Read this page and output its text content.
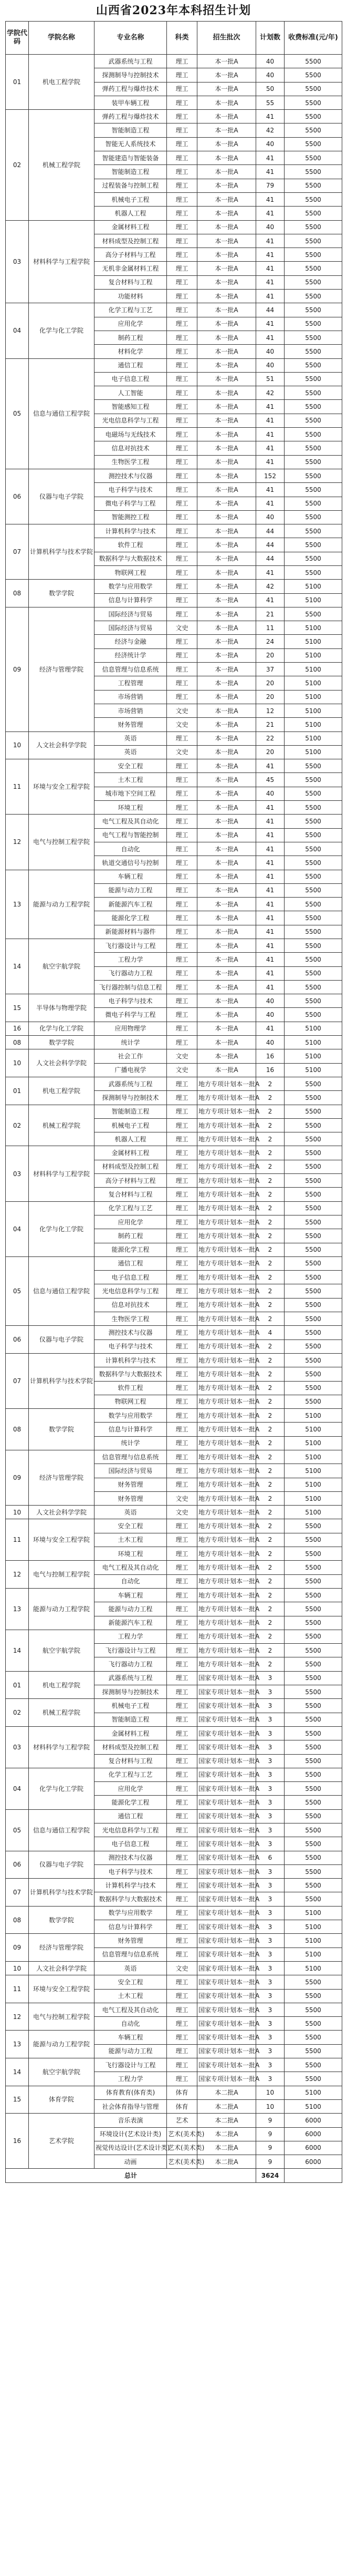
山西省2023年本科招生计划
学院代码	学院名称	专业名称	科类	招生批次	计划数	收费标准(元/年)
01	机电工程学院	武器系统与工程	理工	本一批A	40	5500
		探测制导与控制技术	理工	本一批A	40	5500
		弹药工程与爆炸技术	理工	本一批A	50	5500
		装甲车辆工程	理工	本一批A	55	5500
02	机械工程学院	弹药工程与爆炸技术	理工	本一批A	41	5500
		智能制造工程	理工	本一批A	42	5500
		智能无人系统技术	理工	本一批A	40	5500
		智能建造与智能装备	理工	本一批A	41	5500
		智能制造工程	理工	本一批A	41	5500
		过程装备与控制工程	理工	本一批A	79	5500
		机械电子工程	理工	本一批A	41	5500
		机器人工程	理工	本一批A	41	5500
03	材料科学与工程学院	金属材料工程	理工	本一批A	40	5500
		材料成型及控制工程	理工	本一批A	41	5500
		高分子材料与工程	理工	本一批A	41	5500
		无机非金属材料工程	理工	本一批A	41	5500
		复合材料与工程	理工	本一批A	41	5500
		功能材料	理工	本一批A	41	5500
04	化学与化工学院	化学工程与工艺	理工	本一批A	44	5500
		应用化学	理工	本一批A	41	5500
		制药工程	理工	本一批A	41	5500
		材料化学	理工	本一批A	40	5500
05	信息与通信工程学院	通信工程	理工	本一批A	40	5500
		电子信息工程	理工	本一批A	51	5500
		人工智能	理工	本一批A	42	5500
		智能感知工程	理工	本一批A	41	5500
		光电信息科学与工程	理工	本一批A	41	5500
		电磁场与无线技术	理工	本一批A	41	5500
		信息对抗技术	理工	本一批A	41	5500
		生物医学工程	理工	本一批A	41	5500
06	仪器与电子学院	测控技术与仪器	理工	本一批A	152	5500
		电子科学与技术	理工	本一批A	41	5500
		微电子科学与工程	理工	本一批A	41	5500
		智能测控工程	理工	本一批A	40	5500
07	计算机科学与技术学院	计算机科学与技术	理工	本一批A	44	5500
		软件工程	理工	本一批A	44	5500
		数据科学与大数据技术	理工	本一批A	44	5500
		物联网工程	理工	本一批A	41	5500
08	数学学院	数学与应用数学	理工	本一批A	42	5100
		信息与计算科学	理工	本一批A	41	5100
09	经济与管理学院	国际经济与贸易	理工	本一批A	21	5500
		国际经济与贸易	文史	本一批A	11	5100
		经济与金融	理工	本一批A	24	5100
		经济统计学	理工	本一批A	20	5100
		信息管理与信息系统	理工	本一批A	37	5100
		工程管理	理工	本一批A	20	5100
		市场营销	理工	本一批A	20	5100
		市场营销	文史	本一批A	12	5100
		财务管理	文史	本一批A	21	5100
10	人文社会科学学院	英语	理工	本一批A	22	5100
		英语	文史	本一批A	20	5100
11	环境与安全工程学院	安全工程	理工	本一批A	41	5500
		土木工程	理工	本一批A	45	5500
		城市地下空间工程	理工	本一批A	40	5500
		环境工程	理工	本一批A	41	5500
12	电气与控制工程学院	电气工程及其自动化	理工	本一批A	41	5500
		电气工程与智能控制	理工	本一批A	41	5500
		自动化	理工	本一批A	41	5500
		轨道交通信号与控制	理工	本一批A	41	5500
13	能源与动力工程学院	车辆工程	理工	本一批A	41	5500
		能源与动力工程	理工	本一批A	41	5500
		新能源汽车工程	理工	本一批A	41	5500
		能源化学工程	理工	本一批A	41	5500
		新能源材料与器件	理工	本一批A	41	5500
14	航空宇航学院	飞行器设计与工程	理工	本一批A	41	5500
		工程力学	理工	本一批A	41	5500
		飞行器动力工程	理工	本一批A	41	5500
		飞行器控制与信息工程	理工	本一批A	41	5500
15	半导体与物理学院	电子科学与技术	理工	本一批A	40	5500
		微电子科学与工程	理工	本一批A	40	5500
16	化学与化工学院	应用物理学	理工	本一批A	41	5100
08	数学学院	统计学	理工	本一批A	40	5100
10	人文社会科学学院	社会工作	文史	本一批A	16	5100
		广播电视学	文史	本一批A	16	5100
01	机电工程学院	武器系统与工程	理工	地方专项计划本一批A	2	5500
		探测制导与控制技术	理工	地方专项计划本一批A	2	5500
02	机械工程学院	智能制造工程	理工	地方专项计划本一批A	2	5500
		机械电子工程	理工	地方专项计划本一批A	2	5500
		机器人工程	理工	地方专项计划本一批A	2	5500
03	材料科学与工程学院	金属材料工程	理工	地方专项计划本一批A	2	5500
		材料成型及控制工程	理工	地方专项计划本一批A	2	5500
		高分子材料与工程	理工	地方专项计划本一批A	2	5500
		复合材料与工程	理工	地方专项计划本一批A	2	5500
04	化学与化工学院	化学工程与工艺	理工	地方专项计划本一批A	2	5500
		应用化学	理工	地方专项计划本一批A	2	5500
		制药工程	理工	地方专项计划本一批A	2	5500
		能源化学工程	理工	地方专项计划本一批A	2	5500
05	信息与通信工程学院	通信工程	理工	地方专项计划本一批A	2	5500
		电子信息工程	理工	地方专项计划本一批A	2	5500
		光电信息科学与工程	理工	地方专项计划本一批A	2	5500
		信息对抗技术	理工	地方专项计划本一批A	2	5500
		生物医学工程	理工	地方专项计划本一批A	2	5500
06	仪器与电子学院	测控技术与仪器	理工	地方专项计划本一批A	4	5500
		电子科学与技术	理工	地方专项计划本一批A	2	5500
07	计算机科学与技术学院	计算机科学与技术	理工	地方专项计划本一批A	2	5500
		数据科学与大数据技术	理工	地方专项计划本一批A	2	5500
		软件工程	理工	地方专项计划本一批A	2	5500
		物联网工程	理工	地方专项计划本一批A	2	5500
08	数学学院	数学与应用数学	理工	地方专项计划本一批A	2	5100
		信息与计算科学	理工	地方专项计划本一批A	2	5100
		统计学	理工	地方专项计划本一批A	2	5100
09	经济与管理学院	信息管理与信息系统	理工	地方专项计划本一批A	2	5100
		国际经济与贸易	理工	地方专项计划本一批A	2	5100
		财务管理	理工	地方专项计划本一批A	2	5100
		财务管理	文史	地方专项计划本一批A	2	5100
10	人文社会科学学院	英语	文史	地方专项计划本一批A	2	5100
11	环境与安全工程学院	安全工程	理工	地方专项计划本一批A	2	5500
		土木工程	理工	地方专项计划本一批A	2	5500
		环境工程	理工	地方专项计划本一批A	2	5500
12	电气与控制工程学院	电气工程及其自动化	理工	地方专项计划本一批A	2	5500
		自动化	理工	地方专项计划本一批A	2	5500
13	能源与动力工程学院	车辆工程	理工	地方专项计划本一批A	2	5500
		能源与动力工程	理工	地方专项计划本一批A	2	5500
		新能源汽车工程	理工	地方专项计划本一批A	2	5500
14	航空宇航学院	工程力学	理工	地方专项计划本一批A	2	5500
		飞行器设计与工程	理工	地方专项计划本一批A	2	5500
		飞行器动力工程	理工	地方专项计划本一批A	2	5500
01	机电工程学院	武器系统与工程	理工	国家专项计划本一批A	3	5500
		探测制导与控制技术	理工	国家专项计划本一批A	3	5500
02	机械工程学院	机械电子工程	理工	国家专项计划本一批A	3	5500
		智能制造工程	理工	国家专项计划本一批A	3	5500
03	材料科学与工程学院	金属材料工程	理工	国家专项计划本一批A	3	5500
		材料成型及控制工程	理工	国家专项计划本一批A	3	5500
		复合材料与工程	理工	国家专项计划本一批A	3	5500
04	化学与化工学院	化学工程与工艺	理工	国家专项计划本一批A	3	5500
		应用化学	理工	国家专项计划本一批A	3	5500
		能源化学工程	理工	国家专项计划本一批A	3	5500
05	信息与通信工程学院	通信工程	理工	国家专项计划本一批A	3	5500
		光电信息科学与工程	理工	国家专项计划本一批A	3	5500
		电子信息工程	理工	国家专项计划本一批A	3	5500
06	仪器与电子学院	测控技术与仪器	理工	国家专项计划本一批A	6	5500
		电子科学与技术	理工	国家专项计划本一批A	3	5500
07	计算机科学与技术学院	计算机科学与技术	理工	国家专项计划本一批A	3	5500
		数据科学与大数据技术	理工	国家专项计划本一批A	3	5500
08	数学学院	数学与应用数学	理工	国家专项计划本一批A	3	5100
		信息与计算科学	理工	国家专项计划本一批A	3	5100
09	经济与管理学院	财务管理	理工	国家专项计划本一批A	3	5100
		信息管理与信息系统	理工	国家专项计划本一批A	3	5100
10	人文社会科学学院	英语	文史	国家专项计划本一批A	3	5100
11	环境与安全工程学院	安全工程	理工	国家专项计划本一批A	3	5500
		土木工程	理工	国家专项计划本一批A	3	5500
12	电气与控制工程学院	电气工程及其自动化	理工	国家专项计划本一批A	3	5500
		自动化	理工	国家专项计划本一批A	3	5500
13	能源与动力工程学院	车辆工程	理工	国家专项计划本一批A	3	5500
		能源与动力工程	理工	国家专项计划本一批A	3	5500
14	航空宇航学院	飞行器设计与工程	理工	国家专项计划本一批A	3	5500
		工程力学	理工	国家专项计划本一批A	3	5500
15	体育学院	体育教育(体育类)	体育	本二批A	10	5100
		社会体育指导与管理	体育	本二批A	10	5100
16	艺术学院	音乐表演	艺术	本二批A	9	6000
		环境设计(艺术设计类)	艺术(美术类)	本二批A	9	6000
		视觉传达设计(艺术设计类)	艺术(美术类)	本二批A	9	6000
		动画	艺术(美术类)	本二批A	9	6000
总计					3624	
